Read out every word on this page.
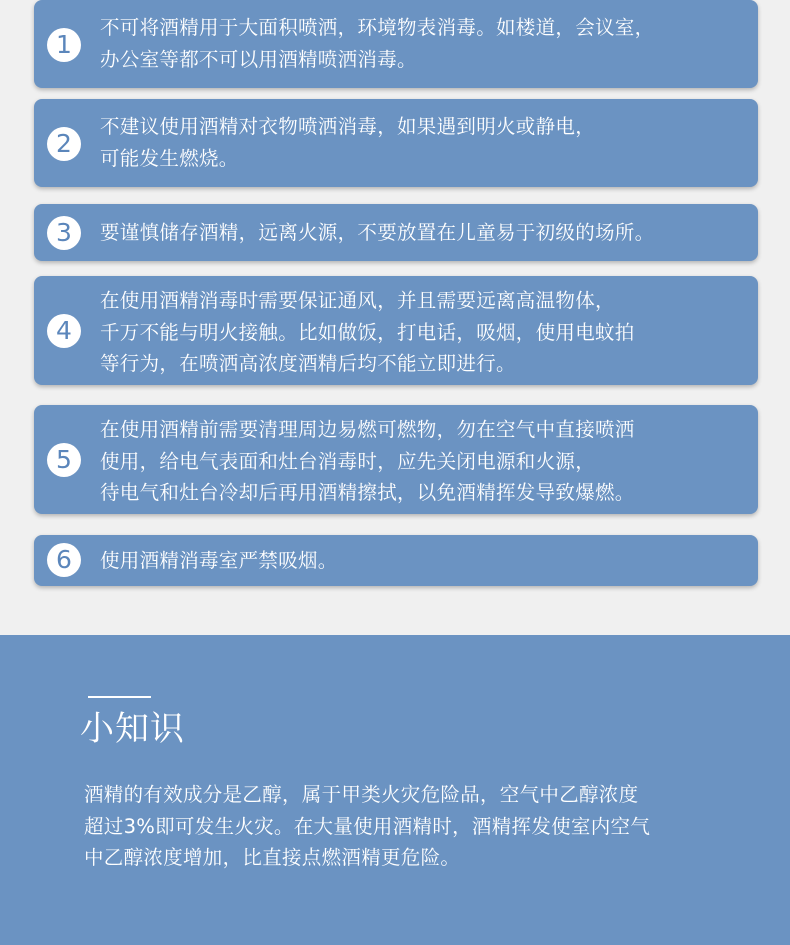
1
不可将酒精用于大面积喷洒，环境物表消毒。如楼道，会议室，
办公室等都不可以用酒精喷洒消毒。
2
不建议使用酒精对衣物喷洒消毒，如果遇到明火或静电，
可能发生燃烧。
3	要谨慎储存酒精，远离火源，不要放置在儿童易于初级的场所。
4
在使用酒精消毒时需要保证通风，并且需要远离高温物体，
千万不能与明火接触。比如做饭，打电话，吸烟，使用电蚊拍
等行为，在喷洒高浓度酒精后均不能立即进行。
5
在使用酒精前需要清理周边易燃可燃物，勿在空气中直接喷洒
使用，给电气表面和灶台消毒时，应先关闭电源和火源，
待电气和灶台冷却后再用酒精擦拭，以免酒精挥发导致爆燃。
6	使用酒精消毒室严禁吸烟。
小知识
酒精的有效成分是乙醇，属于甲类火灾危险品，空气中乙醇浓度
超过3%即可发生火灾。在大量使用酒精时，酒精挥发使室内空气
中乙醇浓度增加，比直接点燃酒精更危险。
